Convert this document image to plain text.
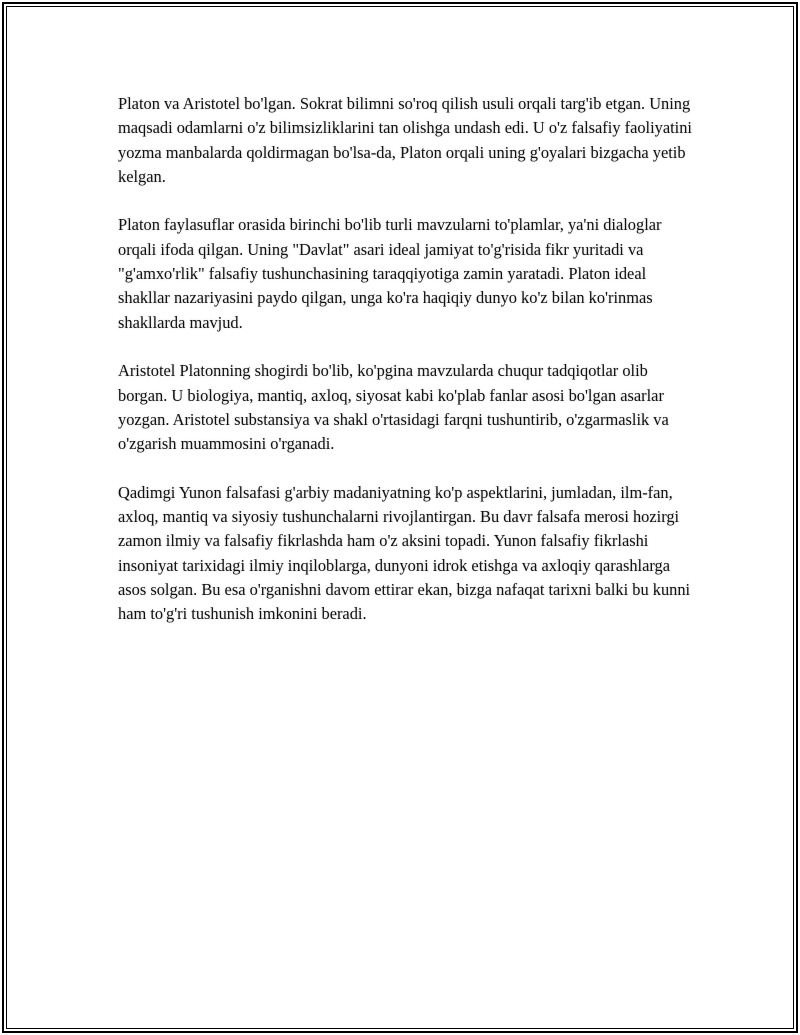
Platon va Aristotel bo'lgan. Sokrat bilimni so'roq qilish usuli orqali targ'ib etgan. Uning maqsadi odamlarni o'z bilimsizliklarini tan olishga undash edi. U o'z falsafiy faoliyatini yozma manbalarda qoldirmagan bo'lsa-da, Platon orqali uning g'oyalari bizgacha yetib kelgan.

Platon faylasuflar orasida birinchi bo'lib turli mavzularni to'plamlar, ya'ni dialoglar orqali ifoda qilgan. Uning "Davlat" asari ideal jamiyat to'g'risida fikr yuritadi va "g'amxo'rlik" falsafiy tushunchasining taraqqiyotiga zamin yaratadi. Platon ideal shakllar nazariyasini paydo qilgan, unga ko'ra haqiqiy dunyo ko'z bilan ko'rinmas shakllarda mavjud.

Aristotel Platonning shogirdi bo'lib, ko'pgina mavzularda chuqur tadqiqotlar olib borgan. U biologiya, mantiq, axloq, siyosat kabi ko'plab fanlar asosi bo'lgan asarlar yozgan. Aristotel substansiya va shakl o'rtasidagi farqni tushuntirib, o'zgarmaslik va o'zgarish muammosini o'rganadi.

Qadimgi Yunon falsafasi g'arbiy madaniyatning ko'p aspektlarini, jumladan, ilm-fan, axloq, mantiq va siyosiy tushunchalarni rivojlantirgan. Bu davr falsafa merosi hozirgi zamon ilmiy va falsafiy fikrlashda ham o'z aksini topadi. Yunon falsafiy fikrlashi insoniyat tarixidagi ilmiy inqiloblarga, dunyoni idrok etishga va axloqiy qarashlarga asos solgan. Bu esa o'rganishni davom ettirar ekan, bizga nafaqat tarixni balki bu kunni ham to'g'ri tushunish imkonini beradi.
